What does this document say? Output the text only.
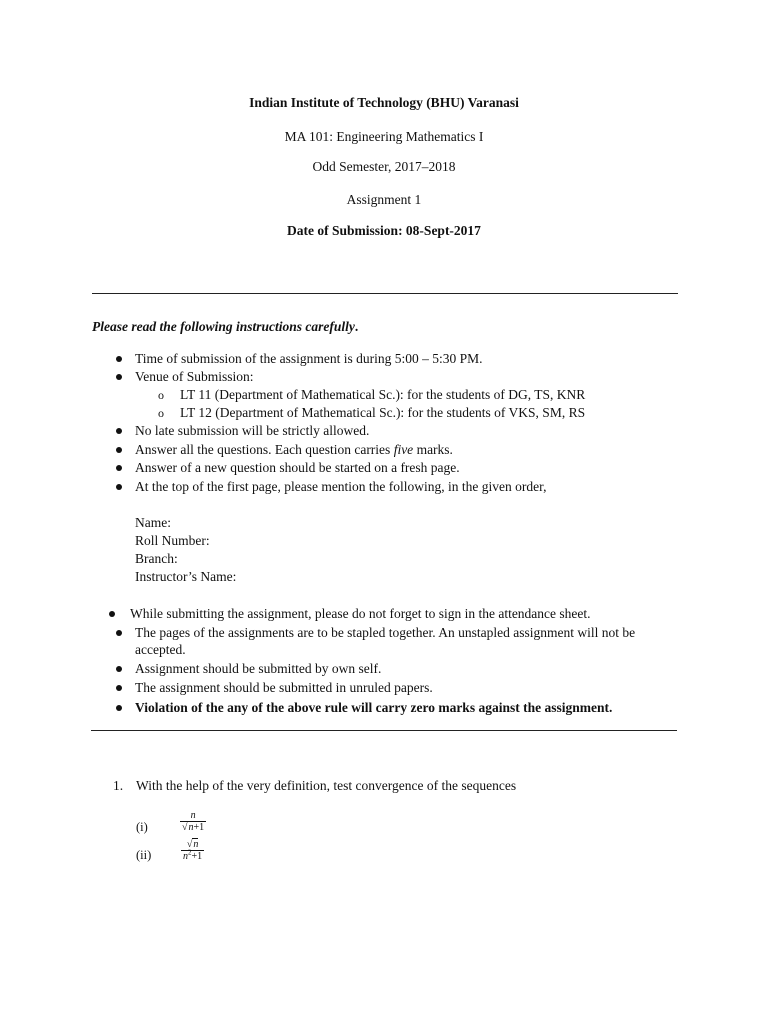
Indian Institute of Technology (BHU) Varanasi
MA 101: Engineering Mathematics I
Odd Semester, 2017–2018
Assignment 1
Date of Submission: 08-Sept-2017
Please read the following instructions carefully.
Time of submission of the assignment is during 5:00 – 5:30 PM.
Venue of Submission:
o LT 11 (Department of Mathematical Sc.): for the students of DG, TS, KNR
o LT 12 (Department of Mathematical Sc.): for the students of VKS, SM, RS
No late submission will be strictly allowed.
Answer all the questions. Each question carries five marks.
Answer of a new question should be started on a fresh page.
At the top of the first page, please mention the following, in the given order,
Name:
Roll Number:
Branch:
Instructor’s Name:
While submitting the assignment, please do not forget to sign in the attendance sheet.
The pages of the assignments are to be stapled together. An unstapled assignment will not be
accepted.
Assignment should be submitted by own self.
The assignment should be submitted in unruled papers.
Violation of the any of the above rule will carry zero marks against the assignment.
1. With the help of the very definition, test convergence of the sequences
(i)	$\frac{n}{√n+1}$
(ii)	$\frac{√n}{n^2+1}$
